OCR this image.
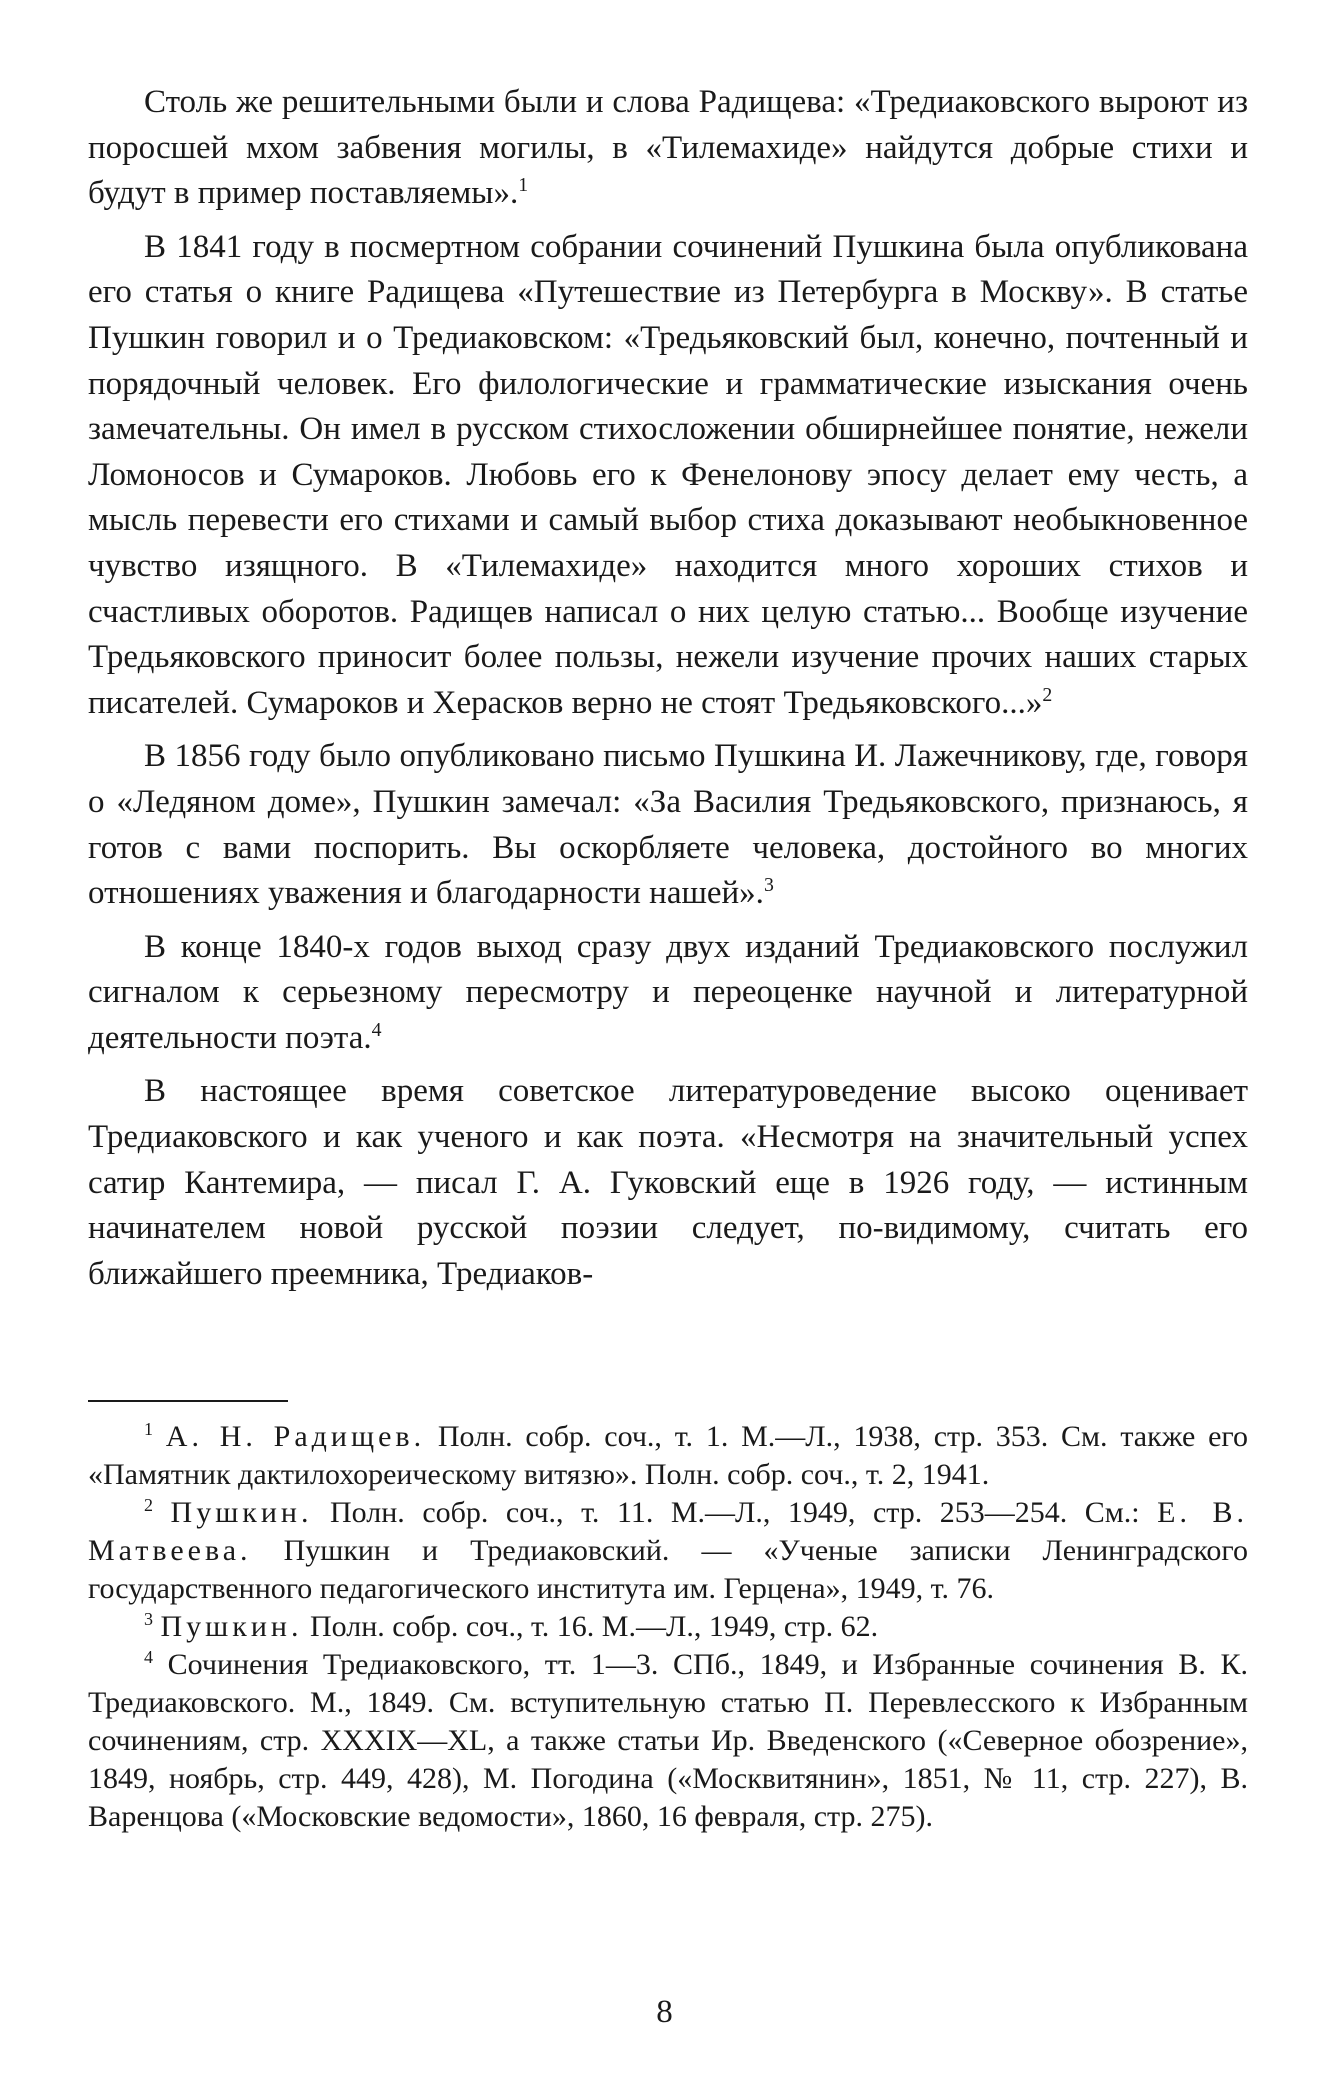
Столь же решительными были и слова Радищева: «Тредиаковского выроют из поросшей мхом забвения могилы, в «Тилемахиде» найдутся добрые стихи и будут в пример поставляемы».$^1$

В 1841 году в посмертном собрании сочинений Пушкина была опубликована его статья о книге Радищева «Путешествие из Петербурга в Москву». В статье Пушкин говорил и о Тредиаковском: «Тредьяковский был, конечно, почтенный и порядочный человек. Его филологические и грамматические изыскания очень замечательны. Он имел в русском стихосложении обширнейшее понятие, нежели Ломоносов и Сумароков. Любовь его к Фенелонову эпосу делает ему честь, а мысль перевести его стихами и самый выбор стиха доказывают необыкновенное чувство изящного. В «Тилемахиде» находится много хороших стихов и счастливых оборотов. Радищев написал о них целую статью... Вообще изучение Тредьяковского приносит более пользы, нежели изучение прочих наших старых писателей. Сумароков и Херасков верно не стоят Тредьяковского...»$^2$

В 1856 году было опубликовано письмо Пушкина И. Лажечникову, где, говоря о «Ледяном доме», Пушкин замечал: «За Василия Тредьяковского, признаюсь, я готов с вами поспорить. Вы оскорбляете человека, достойного во многих отношениях уважения и благодарности нашей».$^3$

В конце 1840-х годов выход сразу двух изданий Тредиаковского послужил сигналом к серьезному пересмотру и переоценке научной и литературной деятельности поэта.$^4$

В настоящее время советское литературоведение высоко оценивает Тредиаковского и как ученого и как поэта. «Несмотря на значительный успех сатир Кантемира, — писал Г. А. Гуковский еще в 1926 году, — истинным начинателем новой русской поэзии следует, по-видимому, считать его ближайшего преемника, Тредиаков-

$^1$ А. Н. Радищев. Полн. собр. соч., т. 1. М.—Л., 1938, стр. 353. См. также его «Памятник дактилохореическому витязю». Полн. собр. соч., т. 2, 1941.

$^2$ Пушкин. Полн. собр. соч., т. 11. М.—Л., 1949, стр. 253—254. См.: Е. В. Матвеева. Пушкин и Тредиаковский. — «Ученые записки Ленинградского государственного педагогического института им. Герцена», 1949, т. 76.

$^3$ Пушкин. Полн. собр. соч., т. 16. М.—Л., 1949, стр. 62.

$^4$ Сочинения Тредиаковского, тт. 1—3. СПб., 1849, и Избранные сочинения В. К. Тредиаковского. М., 1849. См. вступительную статью П. Перевлесского к Избранным сочинениям, стр. XXXIX—XL, а также статьи Ир. Введенского («Северное обозрение», 1849, ноябрь, стр. 449, 428), М. Погодина («Москвитянин», 1851, № 11, стр. 227), В. Варенцова («Московские ведомости», 1860, 16 февраля, стр. 275).

8
